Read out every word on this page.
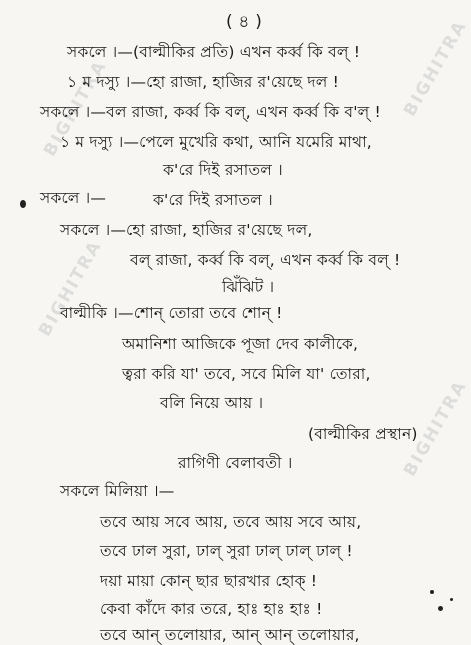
BIGHITRA	BIGHITRA
BIGHITRA
BIGHITRA
( ৪ )
সকলে ।—(বাল্মীকির প্রতি) এখন কর্ব্ব কি বল্ !
১ ম দস্যু ।—হো রাজা, হাজির র'য়েছে দল !
সকলে ।—বল রাজা, কর্ব্ব কি বল্, এখন কর্ব্ব কি ব'ল্ !
১ ম দস্যু ।—পেলে মুখেরি কথা, আনি যমেরি মাথা,
ক'রে দিই রসাতল ।
সকলে ।—	ক'রে দিই রসাতল ।
সকলে ।—হো রাজা, হাজির র'য়েছে দল,
বল্ রাজা, কর্ব্ব কি বল্, এখন কর্ব্ব কি বল্ !
ঝিঁঝিট ।
বাল্মীকি ।—শোন্ তোরা তবে শোন্ !
অমানিশা আজিকে পূজা দেব কালীকে,
ত্বরা করি যা' তবে, সবে মিলি যা' তোরা,
বলি নিয়ে আয় ।
(বাল্মীকির প্রস্থান)
রাগিণী বেলাবতী ।
সকলে মিলিয়া ।—
তবে আয় সবে আয়, তবে আয় সবে আয়,
তবে ঢাল সুরা, ঢাল্ সুরা ঢাল্ ঢাল্ ঢাল্ !
দয়া মায়া কোন্ ছার ছারখার হোক্ !
কেবা কাঁদে কার তরে, হাঃ হাঃ হাঃ !
তবে আন্ তলোয়ার, আন্ আন্ তলোয়ার,
